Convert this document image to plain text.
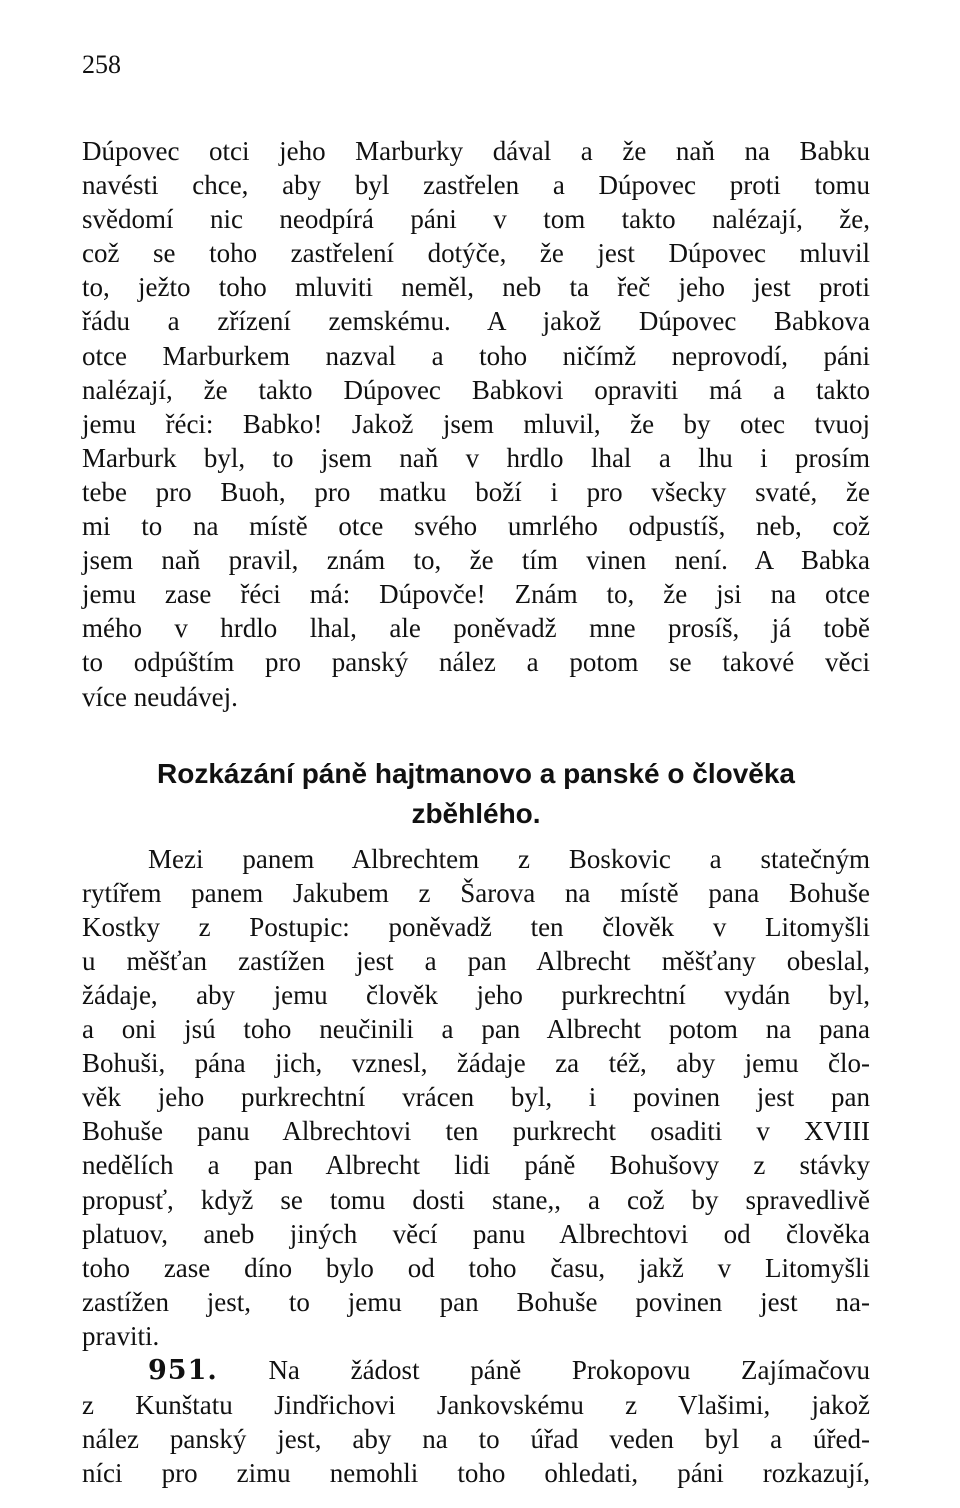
258

Dúpovec otci jeho Marburky dával a že naň na Babku

navésti chce, aby byl zastřelen a Dúpovec proti tomu

svědomí nic neodpírá páni v tom takto nalézají, že,

což se toho zastřelení dotýče, že jest Dúpovec mluvil

to, ježto toho mluviti neměl, neb ta řeč jeho jest proti

řádu a zřízení zemskému. A jakož Dúpovec Babkova

otce Marburkem nazval a toho ničímž neprovodí, páni

nalézají, že takto Dúpovec Babkovi opraviti má a takto

jemu řéci: Babko! Jakož jsem mluvil, že by otec tvuoj

Marburk byl, to jsem naň v hrdlo lhal a lhu i prosím

tebe pro Buoh, pro matku boží i pro všecky svaté, že

mi to na místě otce svého umrlého odpustíš, neb, což

jsem naň pravil, znám to, že tím vinen není. A Babka

jemu zase řéci má: Dúpovče! Znám to, že jsi na otce

mého v hrdlo lhal, ale poněvadž mne prosíš, já tobě

to odpúštím pro panský nález a potom se takové věci

více neudávej.

Rozkázání páně hajtmanovo a panské o člověka
zběhlého.

Mezi panem Albrechtem z Boskovic a statečným

rytířem panem Jakubem z Šarova na místě pana Bohuše

Kostky z Postupic: poněvadž ten člověk v Litomyšli

u měšťan zastížen jest a pan Albrecht měšťany obeslal,

žádaje, aby jemu člověk jeho purkrechtní vydán byl,

a oni jsú toho neučinili a pan Albrecht potom na pana

Bohuši, pána jich, vznesl, žádaje za též, aby jemu člo-

věk jeho purkrechtní vrácen byl, i povinen jest pan

Bohuše panu Albrechtovi ten purkrecht osaditi v XVIII

nedělích a pan Albrecht lidi páně Bohušovy z stávky

propusť, když se tomu dosti stane,, a což by spravedlivě

platuov, aneb jiných věcí panu Albrechtovi od člověka

toho zase díno bylo od toho času, jakž v Litomyšli

zastížen jest, to jemu pan Bohuše povinen jest na-

praviti.

951. Na žádost páně Prokopovu Zajímačovu

z Kunštatu Jindřichovi Jankovskému z Vlašimi, jakož

nález panský jest, aby na to úřad veden byl a úřed-

níci pro zimu nemohli toho ohledati, páni rozkazují,
